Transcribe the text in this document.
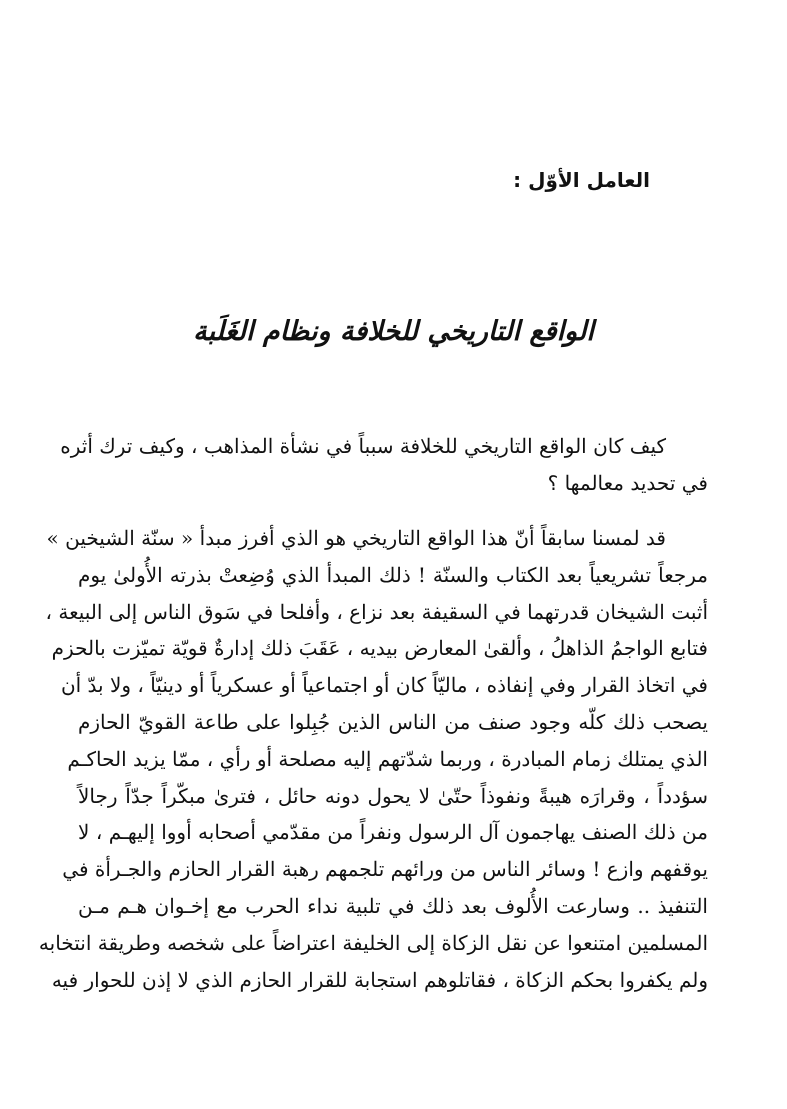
العامل الأوّل :
الواقع التاريخي للخلافة ونظام الغَلَبة
كيف كان الواقع التاريخي للخلافة سبباً في نشأة المذاهب ، وكيف ترك أثره
في تحديد معالمها ؟
قد لمسنا سابقاً أنّ هذا الواقع التاريخي هو الذي أفرز مبدأ « سنّة الشيخين »
مرجعاً تشريعياً بعد الكتاب والسنّة ! ذلك المبدأ الذي وُضِعتْ بذرته الأُولىٰ يوم
أثبت الشيخان قدرتهما في السقيفة بعد نزاع ، وأفلحا في سَوق الناس إلى البيعة ،
فتابع الواجمُ الذاهلُ ، وألقىٰ المعارض بيديه ، عَقَبَ ذلك إدارةٌ قويّة تميّزت بالحزم
في اتخاذ القرار وفي إنفاذه ، ماليّاً كان أو اجتماعياً أو عسكرياً أو دينيّاً ، ولا بدّ أن
يصحب ذلك كلّه وجود صنف من الناس الذين جُبِلوا على طاعة القويّ الحازم
الذي يمتلك زمام المبادرة ، وربما شدّتهم إليه مصلحة أو رأي ، ممّا يزيد الحاكـم
سؤدداً ، وقرارَه هيبةً ونفوذاً حتّىٰ لا يحول دونه حائل ، فترىٰ مبكّراً جدّاً رجالاً
من ذلك الصنف يهاجمون آل الرسول ونفراً من مقدّمي أصحابه أووا إليهـم ، لا
يوقفهم وازع ! وسائر الناس من ورائهم تلجمهم رهبة القرار الحازم والجـرأة في
التنفيذ .. وسارعت الأُلوف بعد ذلك في تلبية نداء الحرب مع إخـوان هـم مـن
المسلمين امتنعوا عن نقل الزكاة إلى الخليفة اعتراضاً على شخصه وطريقة انتخابه
ولم يكفروا بحكم الزكاة ، فقاتلوهم استجابة للقرار الحازم الذي لا إذن للحوار فيه
